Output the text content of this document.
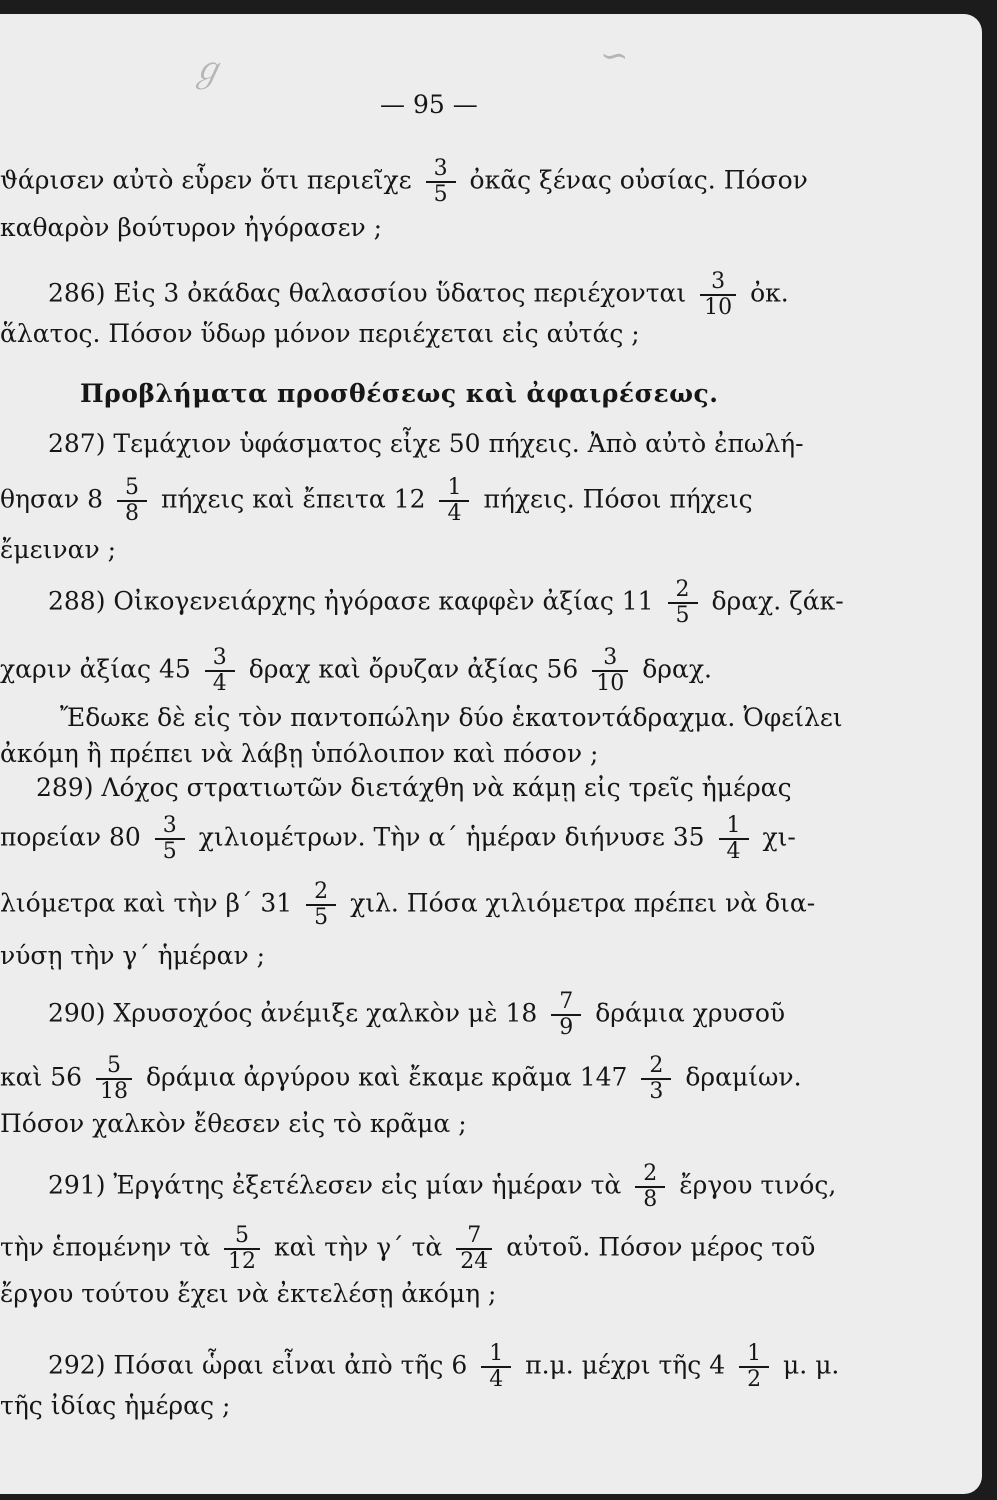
ℊ	∽
— 95 —
ϑάρισεν αὐτὸ εὗρεν ὅτι περιεῖχε $\frac{3}{5}$ ὀκᾶς ξένας οὐσίας. Πόσον
καθαρὸν βούτυρον ἠγόρασεν ;
286) Εἰς 3 ὀκάδας θαλασσίου ὕδατος περιέχονται $\frac{3}{10}$ ὀκ.
ἅλατος. Πόσον ὕδωρ μόνον περιέχεται εἰς αὐτάς ;
Προβλήματα προσθέσεως καὶ ἀφαιρέσεως.
287) Τεμάχιον ὑφάσματος εἶχε 50 πήχεις. Ἀπὸ αὐτὸ ἐπωλή-
θησαν $8 \frac{5}{8}$ πήχεις καὶ ἔπειτα $12 \frac{1}{4} \pi ή\chi\varepsilon\iota\varsigma$. Πόσοι πήχεις
ἔμειναν ;
288) Οἰκογενειάρχης ἠγόρασε καφφὲν ἀξίας $11 \frac{2}{5} \delta\rho\alpha\chi$. ζάκ-
χαριν ἀξίας $45 \frac{3}{4}$ δραχ καὶ ὄρυζαν ἀξίας $56 \frac{3}{10} \delta\rho\alpha\chi$.
Ἔδωκε δὲ εἰς τὸν παντοπώλην δύο ἑκατοντάδραχμα. Ὀφείλει
ἀκόμη ἢ πρέπει νὰ λάβῃ ὑπόλοιπον καὶ πόσον ;
289) Λόχος στρατιωτῶν διετάχθη νὰ κάμῃ εἰς τρεῖς ἡμέρας
πορείαν $80 \frac{3}{5} \chi\iota\lambda\iota o\mu έ\tau\rho\omega\nu$. Τὴν α΄ ἡμέραν διήνυσε $35 \frac{1}{4} \chi\iota-$
λιόμετρα καὶ τὴν β΄ $31 \frac{2}{5} \chi\iota\lambda$. Πόσα χιλιόμετρα πρέπει νὰ δια-
νύσῃ τὴν γ΄ ἡμέραν ;
290) Χρυσοχόος ἀνέμιξε χαλκὸν μὲ $18 \frac{7}{9}$ δράμια χρυσοῦ
καὶ $56 \frac{5}{18}$ δράμια ἀργύρου καὶ ἔκαμε κρᾶμα $147 \frac{2}{3} \delta\rho\alpha\mu ί\omega\nu$.
Πόσον χαλκὸν ἔθεσεν εἰς τὸ κρᾶμα ;
291) Ἐργάτης ἐξετέλεσεν εἰς μίαν ἡμέραν τὰ $\frac{2}{8}$ ἔργου τινός,
τὴν ἑπομένην τὰ $\frac{5}{12}$ καὶ τὴν γ΄ τὰ $\frac{7}{24}$ αὐτοῦ. Πόσον μέρος τοῦ
ἔργου τούτου ἔχει νὰ ἐκτελέσῃ ἀκόμη ;
292) Πόσαι ὧραι εἶναι ἀπὸ τῆς $6 \frac{1}{4} \pi.\mu$. μέχρι τῆς $4 \frac{1}{2} \mu$. μ.
τῆς ἰδίας ἡμέρας ;
